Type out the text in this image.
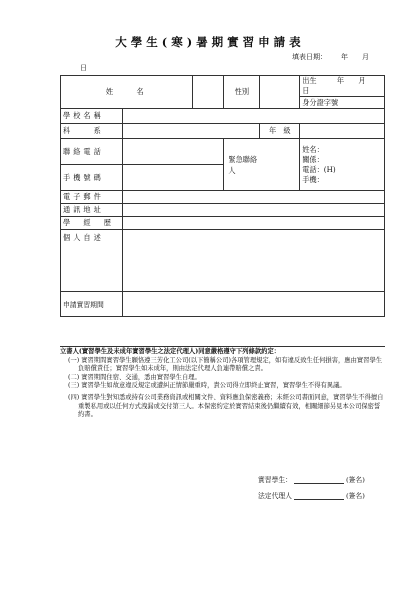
大學生(寒)暑期實習申請表
填表日期： 年 月
日
姓　　名			性別		出生 年 月 日
					身分證字號
學校名稱					
科　　系				年　級	
聯絡電話			緊急聯絡人		姓名：
關係：
電話：(H)
手機：

手機號碼					
電子郵件					
通訊地址					
學　經　歷					
個人自述					
申請實習期間					
立書人(實習學生及未成年實習學生之法定代理人)同意嚴格遵守下列條款約定：
(一) 實習期間實習學生願恪遵三芳化工公司(以下簡稱公司)各項管理規定，如有違反致生任何損害，應由實習學生負賠償責任；實習學生如未成年，則由法定代理人負連帶賠償之責。
(二) 實習期間住宿、交通，悉由實習學生自理。
(三) 實習學生如故意違反規定或遭糾正情節嚴重時，貴公司得立即終止實習，實習學生不得有異議。
(四) 實習學生對知悉或持有公司業務資訊或相關文件、資料應負保密義務；未經公司書面同意，實習學生不得擅自重製私用或以任何方式洩漏或交付第三人。本保密約定於實習結束後仍繼續有效，相關細節另見本公司保密誓約書。
實習學生：	(簽名)
法定代理人	(簽名)
